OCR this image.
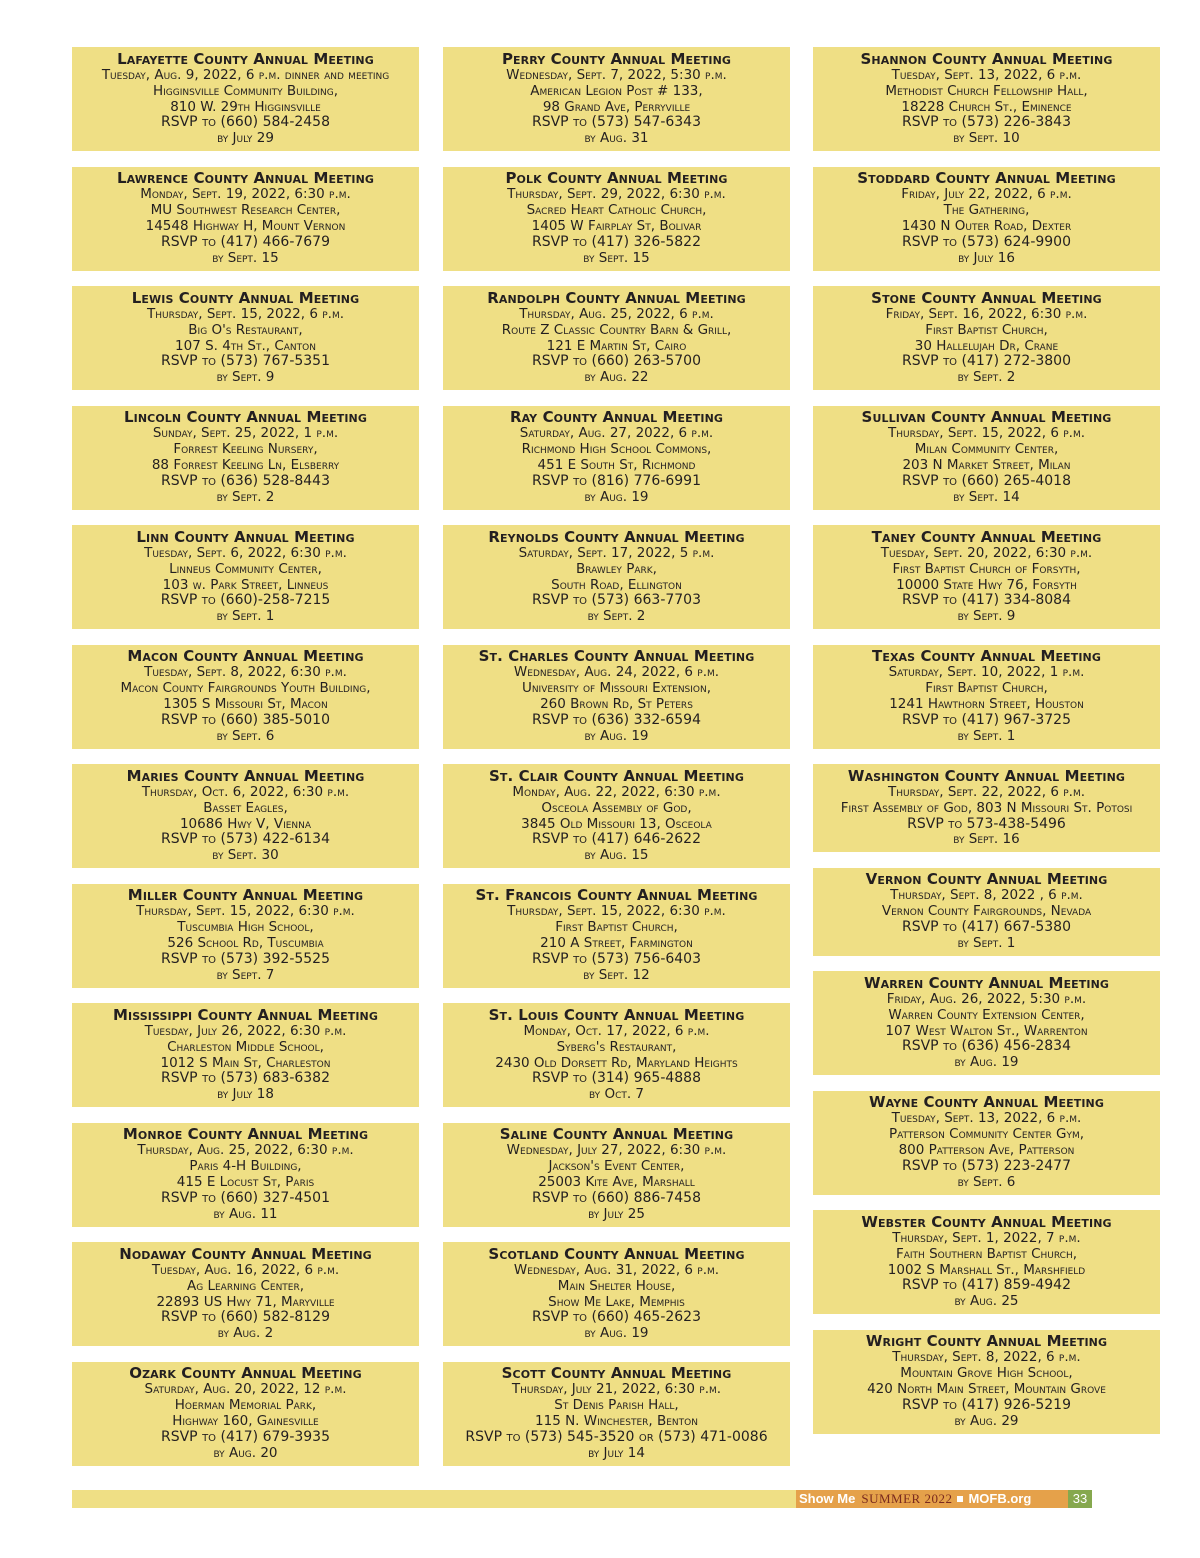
Lafayette County Annual Meeting
Tuesday, Aug. 9, 2022, 6 p.m. dinner and meeting
Higginsville Community Building,
810 W. 29th Higginsville
RSVP to (660) 584-2458
by July 29
Lawrence County Annual Meeting
Monday, Sept. 19, 2022, 6:30 p.m.
MU Southwest Research Center,
14548 Highway H, Mount Vernon
RSVP to (417) 466-7679
by Sept. 15
Lewis County Annual Meeting
Thursday, Sept. 15, 2022, 6 p.m.
Big O's Restaurant,
107 S. 4th St., Canton
RSVP to (573) 767-5351
by Sept. 9
Lincoln County Annual Meeting
Sunday, Sept. 25, 2022, 1 p.m.
Forrest Keeling Nursery,
88 Forrest Keeling Ln, Elsberry
RSVP to (636) 528-8443
by Sept. 2
Linn County Annual Meeting
Tuesday, Sept. 6, 2022, 6:30 p.m.
Linneus Community Center,
103 w. Park Street, Linneus
RSVP to (660)-258-7215
by Sept. 1
Macon County Annual Meeting
Tuesday, Sept. 8, 2022, 6:30 p.m.
Macon County Fairgrounds Youth Building,
1305 S Missouri St, Macon
RSVP to (660) 385-5010
by Sept. 6
Maries County Annual Meeting
Thursday, Oct. 6, 2022, 6:30 p.m.
Basset Eagles,
10686 Hwy V, Vienna
RSVP to (573) 422-6134
by Sept. 30
Miller County Annual Meeting
Thursday, Sept. 15, 2022, 6:30 p.m.
Tuscumbia High School,
526 School Rd, Tuscumbia
RSVP to (573) 392-5525
by Sept. 7
Mississippi County Annual Meeting
Tuesday, July 26, 2022, 6:30 p.m.
Charleston Middle School,
1012 S Main St, Charleston
RSVP to (573) 683-6382
by July 18
Monroe County Annual Meeting
Thursday, Aug. 25, 2022, 6:30 p.m.
Paris 4-H Building,
415 E Locust St, Paris
RSVP to (660) 327-4501
by Aug. 11
Nodaway County Annual Meeting
Tuesday, Aug. 16, 2022, 6 p.m.
Ag Learning Center,
22893 US Hwy 71, Maryville
RSVP to (660) 582-8129
by Aug. 2
Ozark County Annual Meeting
Saturday, Aug. 20, 2022, 12 p.m.
Hoerman Memorial Park,
Highway 160, Gainesville
RSVP to (417) 679-3935
by Aug. 20
Perry County Annual Meeting
Wednesday, Sept. 7, 2022, 5:30 p.m.
American Legion Post # 133,
98 Grand Ave, Perryville
RSVP to (573) 547-6343
by Aug. 31
Polk County Annual Meeting
Thursday, Sept. 29, 2022, 6:30 p.m.
Sacred Heart Catholic Church,
1405 W Fairplay St, Bolivar
RSVP to (417) 326-5822
by Sept. 15
Randolph County Annual Meeting
Thursday, Aug. 25, 2022, 6 p.m.
Route Z Classic Country Barn & Grill,
121 E Martin St, Cairo
RSVP to (660) 263-5700
by Aug. 22
Ray County Annual Meeting
Saturday, Aug. 27, 2022, 6 p.m.
Richmond High School Commons,
451 E South St, Richmond
RSVP to (816) 776-6991
by Aug. 19
Reynolds County Annual Meeting
Saturday, Sept. 17, 2022, 5 p.m.
Brawley Park,
South Road, Ellington
RSVP to (573) 663-7703
by Sept. 2
St. Charles County Annual Meeting
Wednesday, Aug. 24, 2022, 6 p.m.
University of Missouri Extension,
260 Brown Rd, St Peters
RSVP to (636) 332-6594
by Aug. 19
St. Clair County Annual Meeting
Monday, Aug. 22, 2022, 6:30 p.m.
Osceola Assembly of God,
3845 Old Missouri 13, Osceola
RSVP to (417) 646-2622
by Aug. 15
St. Francois County Annual Meeting
Thursday, Sept. 15, 2022, 6:30 p.m.
First Baptist Church,
210 A Street, Farmington
RSVP to (573) 756-6403
by Sept. 12
St. Louis County Annual Meeting
Monday, Oct. 17, 2022, 6 p.m.
Syberg's Restaurant,
2430 Old Dorsett Rd, Maryland Heights
RSVP to (314) 965-4888
by Oct. 7
Saline County Annual Meeting
Wednesday, July 27, 2022, 6:30 p.m.
Jackson's Event Center,
25003 Kite Ave, Marshall
RSVP to (660) 886-7458
by July 25
Scotland County Annual Meeting
Wednesday, Aug. 31, 2022, 6 p.m.
Main Shelter House,
Show Me Lake, Memphis
RSVP to (660) 465-2623
by Aug. 19
Scott County Annual Meeting
Thursday, July 21, 2022, 6:30 p.m.
St Denis Parish Hall,
115 N. Winchester, Benton
RSVP to (573) 545-3520 or (573) 471-0086
by July 14
Shannon County Annual Meeting
Tuesday, Sept. 13, 2022, 6 p.m.
Methodist Church Fellowship Hall,
18228 Church St., Eminence
RSVP to (573) 226-3843
by Sept. 10
Stoddard County Annual Meeting
Friday, July 22, 2022, 6 p.m.
The Gathering,
1430 N Outer Road, Dexter
RSVP to (573) 624-9900
by July 16
Stone County Annual Meeting
Friday, Sept. 16, 2022, 6:30 p.m.
First Baptist Church,
30 Hallelujah Dr, Crane
RSVP to (417) 272-3800
by Sept. 2
Sullivan County Annual Meeting
Thursday, Sept. 15, 2022, 6 p.m.
Milan Community Center,
203 N Market Street, Milan
RSVP to (660) 265-4018
by Sept. 14
Taney County Annual Meeting
Tuesday, Sept. 20, 2022, 6:30 p.m.
First Baptist Church of Forsyth,
10000 State Hwy 76, Forsyth
RSVP to (417) 334-8084
by Sept. 9
Texas County Annual Meeting
Saturday, Sept. 10, 2022, 1 p.m.
First Baptist Church,
1241 Hawthorn Street, Houston
RSVP to (417) 967-3725
by Sept. 1
Washington County Annual Meeting
Thursday, Sept. 22, 2022, 6 p.m.
First Assembly of God, 803 N Missouri St. Potosi
RSVP to 573-438-5496
by Sept. 16
Vernon County Annual Meeting
Thursday, Sept. 8, 2022 , 6 p.m.
Vernon County Fairgrounds, Nevada
RSVP to (417) 667-5380
by Sept. 1
Warren County Annual Meeting
Friday, Aug. 26, 2022, 5:30 p.m.
Warren County Extension Center,
107 West Walton St., Warrenton
RSVP to (636) 456-2834
by Aug. 19
Wayne County Annual Meeting
Tuesday, Sept. 13, 2022, 6 p.m.
Patterson Community Center Gym,
800 Patterson Ave, Patterson
RSVP to (573) 223-2477
by Sept. 6
Webster County Annual Meeting
Thursday, Sept. 1, 2022, 7 p.m.
Faith Southern Baptist Church,
1002 S Marshall St., Marshfield
RSVP to (417) 859-4942
by Aug. 25
Wright County Annual Meeting
Thursday, Sept. 8, 2022, 6 p.m.
Mountain Grove High School,
420 North Main Street, Mountain Grove
RSVP to (417) 926-5219
by Aug. 29
Show Me SUMMER 2022 MOFB.org	33
